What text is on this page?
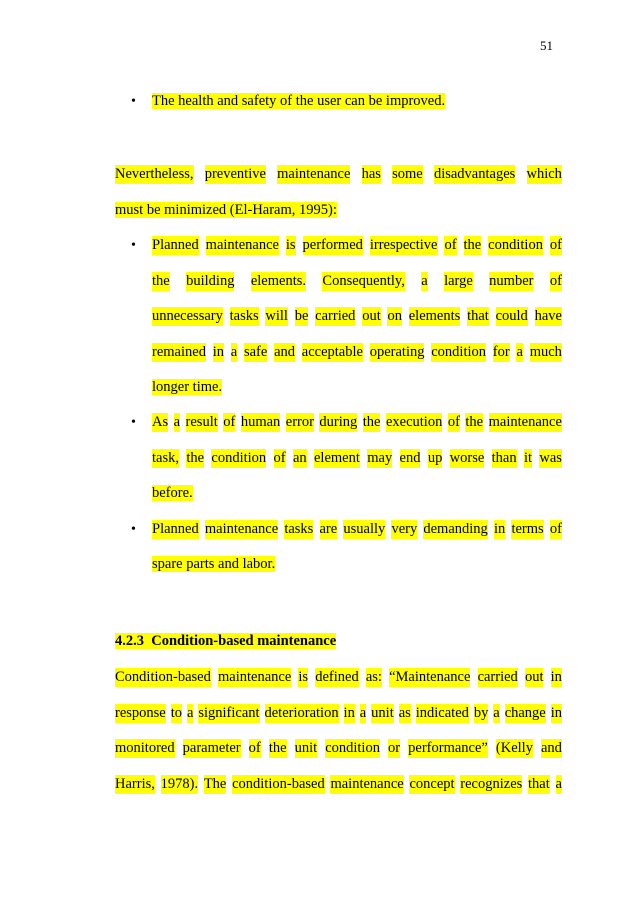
51
• The health and safety of the user can be improved.
Nevertheless, preventive maintenance has some disadvantages which
must be minimized (El-Haram, 1995):
• Planned maintenance is performed irrespective of the condition of
the building elements. Consequently, a large number of
unnecessary tasks will be carried out on elements that could have
remained in a safe and acceptable operating condition for a much
longer time.
• As a result of human error during the execution of the maintenance
task, the condition of an element may end up worse than it was
before.
• Planned maintenance tasks are usually very demanding in terms of
spare parts and labor.
4.2.3  Condition-based maintenance
Condition-based maintenance is defined as: “Maintenance carried out in
response to a significant deterioration in a unit as indicated by a change in
monitored parameter of the unit condition or performance” (Kelly and
Harris, 1978). The condition-based maintenance concept recognizes that a
